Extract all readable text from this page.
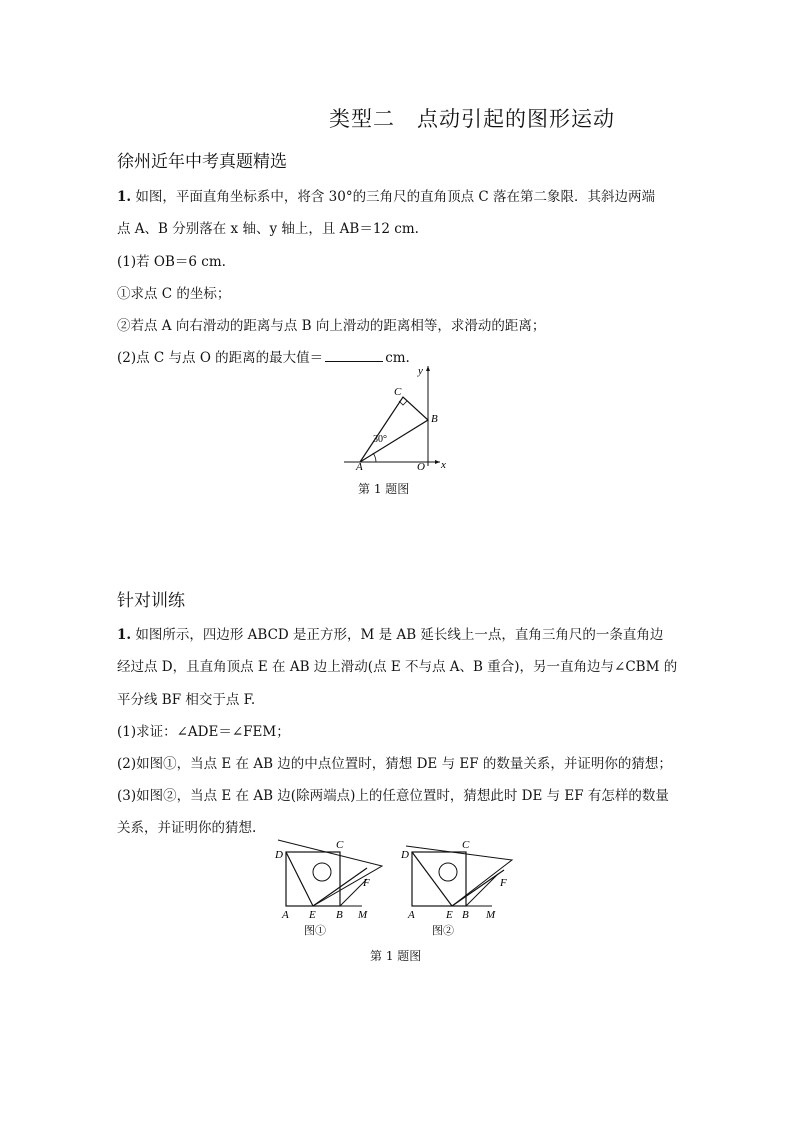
类型二　点动引起的图形运动
徐州近年中考真题精选
1. 如图，平面直角坐标系中，将含 30°的三角尺的直角顶点 C 落在第二象限．其斜边两端
点 A、B 分别落在 x 轴、y 轴上，且 AB＝12 cm.
(1)若 OB＝6 cm.
①求点 C 的坐标；
②若点 A 向右滑动的距离与点 B 向上滑动的距离相等，求滑动的距离；
(2)点 C 与点 O 的距离的最大值＝	cm.
C
B
A	O x
y
30°
第 1 题图
针对训练
1. 如图所示，四边形 ABCD 是正方形，M 是 AB 延长线上一点，直角三角尺的一条直角边
经过点 D，且直角顶点 E 在 AB 边上滑动(点 E 不与点 A、B 重合)，另一直角边与∠CBM 的
平分线 BF 相交于点 F.
(1)求证：∠ADE＝∠FEM；
(2)如图①，当点 E 在 AB 边的中点位置时，猜想 DE 与 EF 的数量关系，并证明你的猜想；
(3)如图②，当点 E 在 AB 边(除两端点)上的任意位置时，猜想此时 DE 与 EF 有怎样的数量
关系，并证明你的猜想.
D
C
F
A E B M
图①
D
C
F
A	E B M
图②
第 1 题图
